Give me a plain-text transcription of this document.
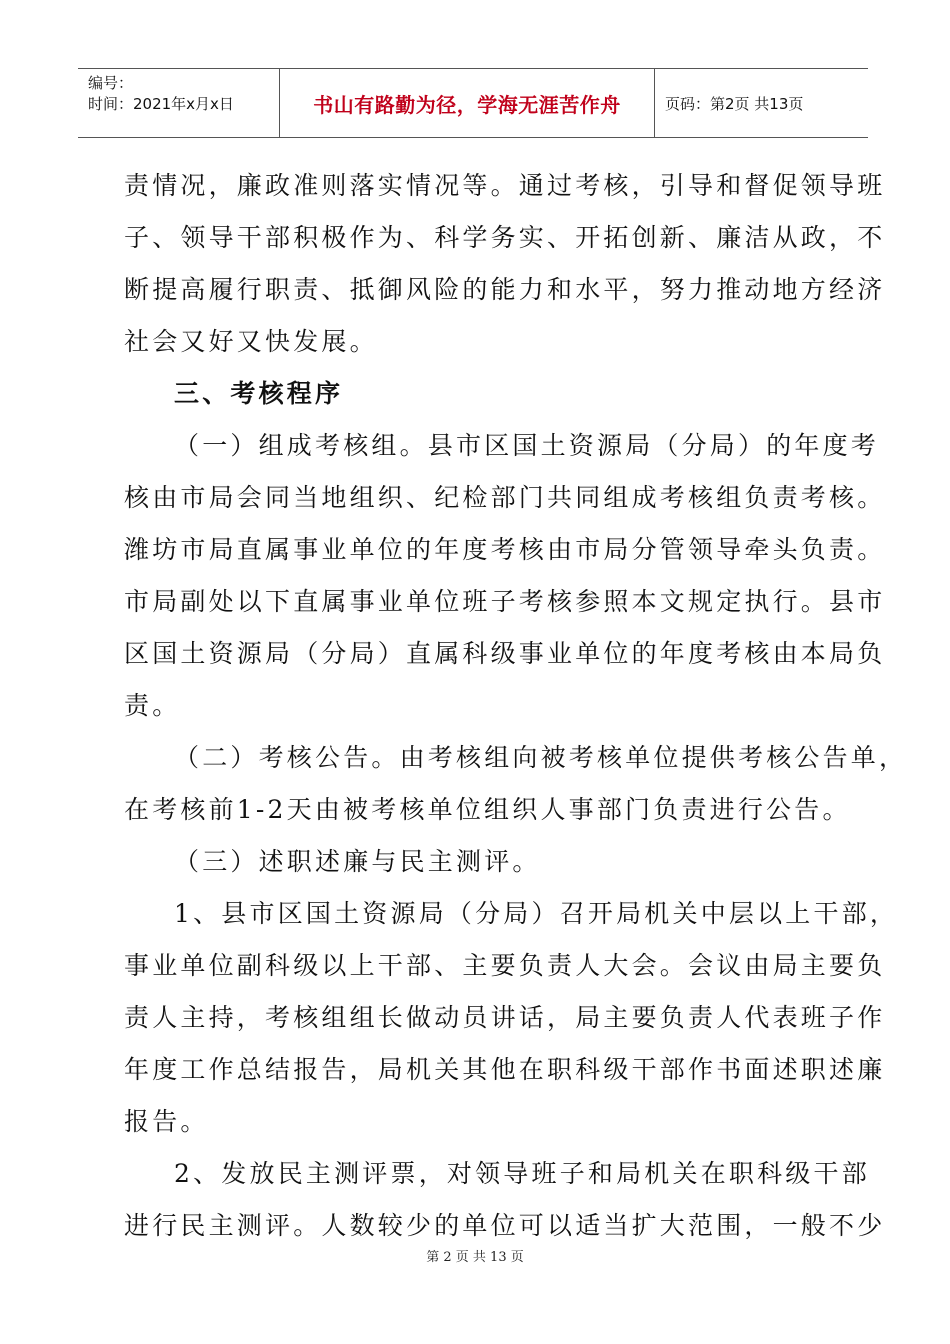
编号：
时间：2021年x月x日	书山有路勤为径，学海无涯苦作舟	页码：第2页 共13页
责情况，廉政准则落实情况等。通过考核，引导和督促领导班
子、领导干部积极作为、科学务实、开拓创新、廉洁从政，不
断提高履行职责、抵御风险的能力和水平，努力推动地方经济
社会又好又快发展。
三、考核程序
（一）组成考核组。县市区国土资源局（分局）的年度考
核由市局会同当地组织、纪检部门共同组成考核组负责考核。
潍坊市局直属事业单位的年度考核由市局分管领导牵头负责。
市局副处以下直属事业单位班子考核参照本文规定执行。县市
区国土资源局（分局）直属科级事业单位的年度考核由本局负
责。
（二）考核公告。由考核组向被考核单位提供考核公告单，
在考核前1-2天由被考核单位组织人事部门负责进行公告。
（三）述职述廉与民主测评。
1、县市区国土资源局（分局）召开局机关中层以上干部，
事业单位副科级以上干部、主要负责人大会。会议由局主要负
责人主持，考核组组长做动员讲话，局主要负责人代表班子作
年度工作总结报告，局机关其他在职科级干部作书面述职述廉
报告。
2、发放民主测评票，对领导班子和局机关在职科级干部
进行民主测评。人数较少的单位可以适当扩大范围，一般不少
第 2 页 共 13 页
